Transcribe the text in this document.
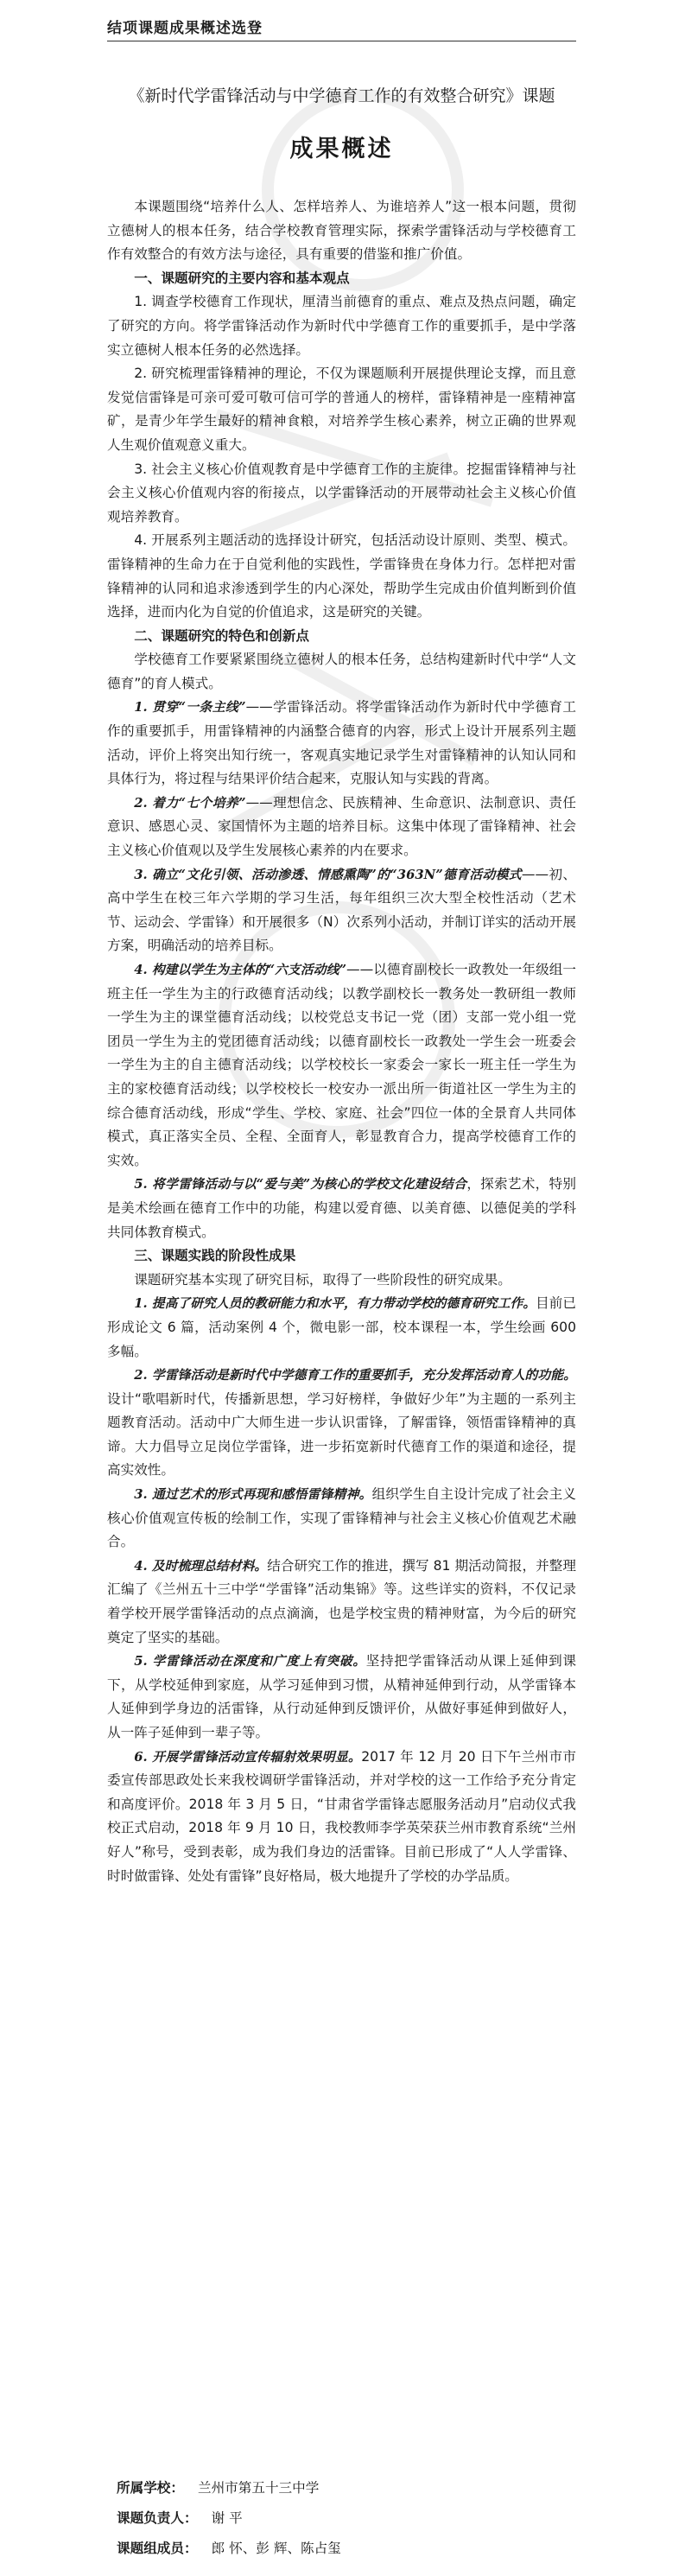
结项课题成果概述选登
《新时代学雷锋活动与中学德育工作的有效整合研究》课题
成果概述

本课题围绕“培养什么人、怎样培养人、为谁培养人”这一根本问题，贯彻立德树人的根本任务，结合学校教育管理实际，探索学雷锋活动与学校德育工作有效整合的有效方法与途径，具有重要的借鉴和推广价值。

一、课题研究的主要内容和基本观点

1. 调查学校德育工作现状，厘清当前德育的重点、难点及热点问题，确定了研究的方向。将学雷锋活动作为新时代中学德育工作的重要抓手，是中学落实立德树人根本任务的必然选择。

2. 研究梳理雷锋精神的理论，不仅为课题顺利开展提供理论支撑，而且意发觉信雷锋是可亲可爱可敬可信可学的普通人的榜样，雷锋精神是一座精神富矿，是青少年学生最好的精神食粮，对培养学生核心素养，树立正确的世界观人生观价值观意义重大。

3. 社会主义核心价值观教育是中学德育工作的主旋律。挖掘雷锋精神与社会主义核心价值观内容的衔接点，以学雷锋活动的开展带动社会主义核心价值观培养教育。

4. 开展系列主题活动的选择设计研究，包括活动设计原则、类型、模式。雷锋精神的生命力在于自觉利他的实践性，学雷锋贵在身体力行。怎样把对雷锋精神的认同和追求渗透到学生的内心深处，帮助学生完成由价值判断到价值选择，进而内化为自觉的价值追求，这是研究的关键。

二、课题研究的特色和创新点

学校德育工作要紧紧围绕立德树人的根本任务，总结构建新时代中学“人文德育”的育人模式。

1. 贯穿“一条主线”——学雷锋活动。将学雷锋活动作为新时代中学德育工作的重要抓手，用雷锋精神的内涵整合德育的内容，形式上设计开展系列主题活动，评价上将突出知行统一，客观真实地记录学生对雷锋精神的认知认同和具体行为，将过程与结果评价结合起来，克服认知与实践的背离。

2. 着力“七个培养”——理想信念、民族精神、生命意识、法制意识、责任意识、感恩心灵、家国情怀为主题的培养目标。这集中体现了雷锋精神、社会主义核心价值观以及学生发展核心素养的内在要求。

3. 确立“文化引领、活动渗透、情感熏陶”的“363N”德育活动模式——初、高中学生在校三年六学期的学习生活，每年组织三次大型全校性活动（艺术节、运动会、学雷锋）和开展很多（N）次系列小活动，并制订详实的活动开展方案，明确活动的培养目标。

4. 构建以学生为主体的“六支活动线”——以德育副校长一政教处一年级组一班主任一学生为主的行政德育活动线；以教学副校长一教务处一教研组一教师一学生为主的课堂德育活动线；以校党总支书记一党（团）支部一党小组一党团员一学生为主的党团德育活动线；以德育副校长一政教处一学生会一班委会一学生为主的自主德育活动线；以学校校长一家委会一家长一班主任一学生为主的家校德育活动线；以学校校长一校安办一派出所一街道社区一学生为主的综合德育活动线，形成“学生、学校、家庭、社会”四位一体的全景育人共同体模式，真正落实全员、全程、全面育人，彰显教育合力，提高学校德育工作的实效。

5. 将学雷锋活动与以“爱与美”为核心的学校文化建设结合，探索艺术，特别是美术绘画在德育工作中的功能，构建以爱育德、以美育德、以德促美的学科共同体教育模式。

三、课题实践的阶段性成果

课题研究基本实现了研究目标，取得了一些阶段性的研究成果。

1. 提高了研究人员的教研能力和水平，有力带动学校的德育研究工作。目前已形成论文 6 篇，活动案例 4 个，微电影一部，校本课程一本，学生绘画 600 多幅。

2. 学雷锋活动是新时代中学德育工作的重要抓手，充分发挥活动育人的功能。设计“歌唱新时代，传播新思想，学习好榜样，争做好少年”为主题的一系列主题教育活动。活动中广大师生进一步认识雷锋，了解雷锋，领悟雷锋精神的真谛。大力倡导立足岗位学雷锋，进一步拓宽新时代德育工作的渠道和途径，提高实效性。

3. 通过艺术的形式再现和感悟雷锋精神。组织学生自主设计完成了社会主义核心价值观宣传板的绘制工作，实现了雷锋精神与社会主义核心价值观艺术融合。

4. 及时梳理总结材料。结合研究工作的推进，撰写 81 期活动简报，并整理汇编了《兰州五十三中学“学雷锋”活动集锦》等。这些详实的资料，不仅记录着学校开展学雷锋活动的点点滴滴，也是学校宝贵的精神财富，为今后的研究奠定了坚实的基础。

5. 学雷锋活动在深度和广度上有突破。坚持把学雷锋活动从课上延伸到课下，从学校延伸到家庭，从学习延伸到习惯，从精神延伸到行动，从学雷锋本人延伸到学身边的活雷锋，从行动延伸到反馈评价，从做好事延伸到做好人，从一阵子延伸到一辈子等。

6. 开展学雷锋活动宣传辐射效果明显。2017 年 12 月 20 日下午兰州市市委宣传部思政处长来我校调研学雷锋活动，并对学校的这一工作给予充分肯定和高度评价。2018 年 3 月 5 日，“甘肃省学雷锋志愿服务活动月”启动仪式我校正式启动，2018 年 9 月 10 日，我校教师李学英荣获兰州市教育系统“兰州好人”称号，受到表彰，成为我们身边的活雷锋。目前已形成了“人人学雷锋、时时做雷锋、处处有雷锋”良好格局，极大地提升了学校的办学品质。

所属学校： 兰州市第五十三中学
课题负责人： 谢 平
课题组成员： 郎 怀、彭 辉、陈占玺
